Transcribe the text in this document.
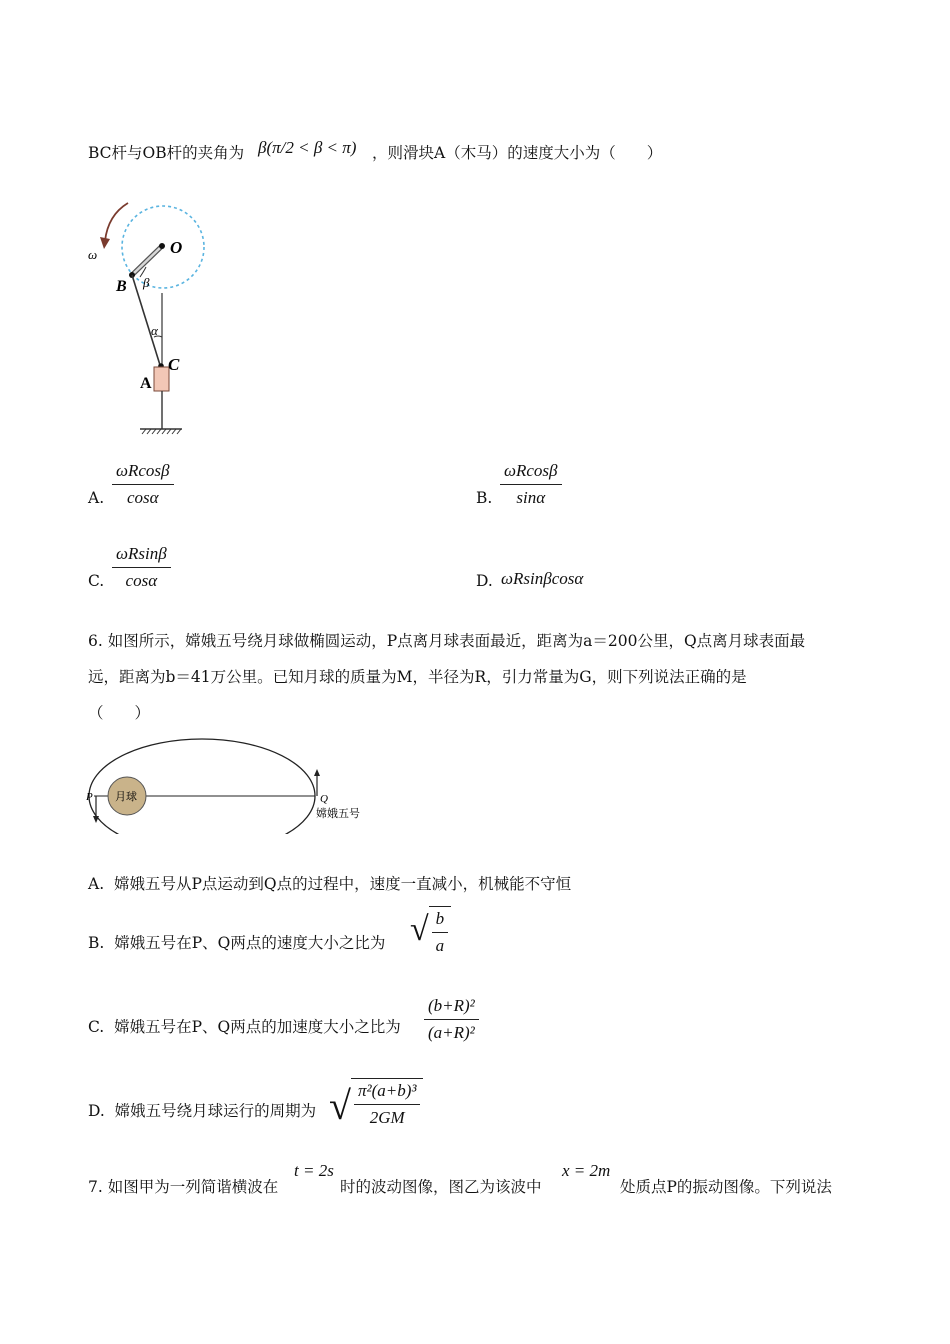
BC杆与OB杆的夹角为 β(π/2 < β < π) ，则滑块A（木马）的速度大小为（　　）
O
ω
B β
α
C
A
A. $\frac{\omega Rcos\beta}{\cos\alpha}$	B. $\frac{\omega Rcos\beta}{\sin\alpha}$
C. $\frac{\omega Rsin\beta}{\cos\alpha}$	D. ωRsinβcosα
6. 如图所示，嫦娥五号绕月球做椭圆运动，P点离月球表面最近，距离为a＝200公里，Q点离月球表面最
远，距离为b＝41万公里。已知月球的质量为M，半径为R，引力常量为G，则下列说法正确的是
（　　）
P 月球	Q
嫦娥五号
A. 嫦娥五号从P点运动到Q点的过程中，速度一直减小，机械能不守恒
B. 嫦娥五号在P、Q两点的速度大小之比为 √ $\frac{b}{a}$
C. 嫦娥五号在P、Q两点的加速度大小之比为 $\frac{\text{(b+R)²}}{\text{(a+R)²}}$
D. 嫦娥五号绕月球运行的周期为 √ $\frac{\text{π²(a+b)³}}{2GM}$
7. 如图甲为一列简谐横波在
t = 2s
时的波动图像，图乙为该波中
x = 2m
处质点P的振动图像。下列说法
